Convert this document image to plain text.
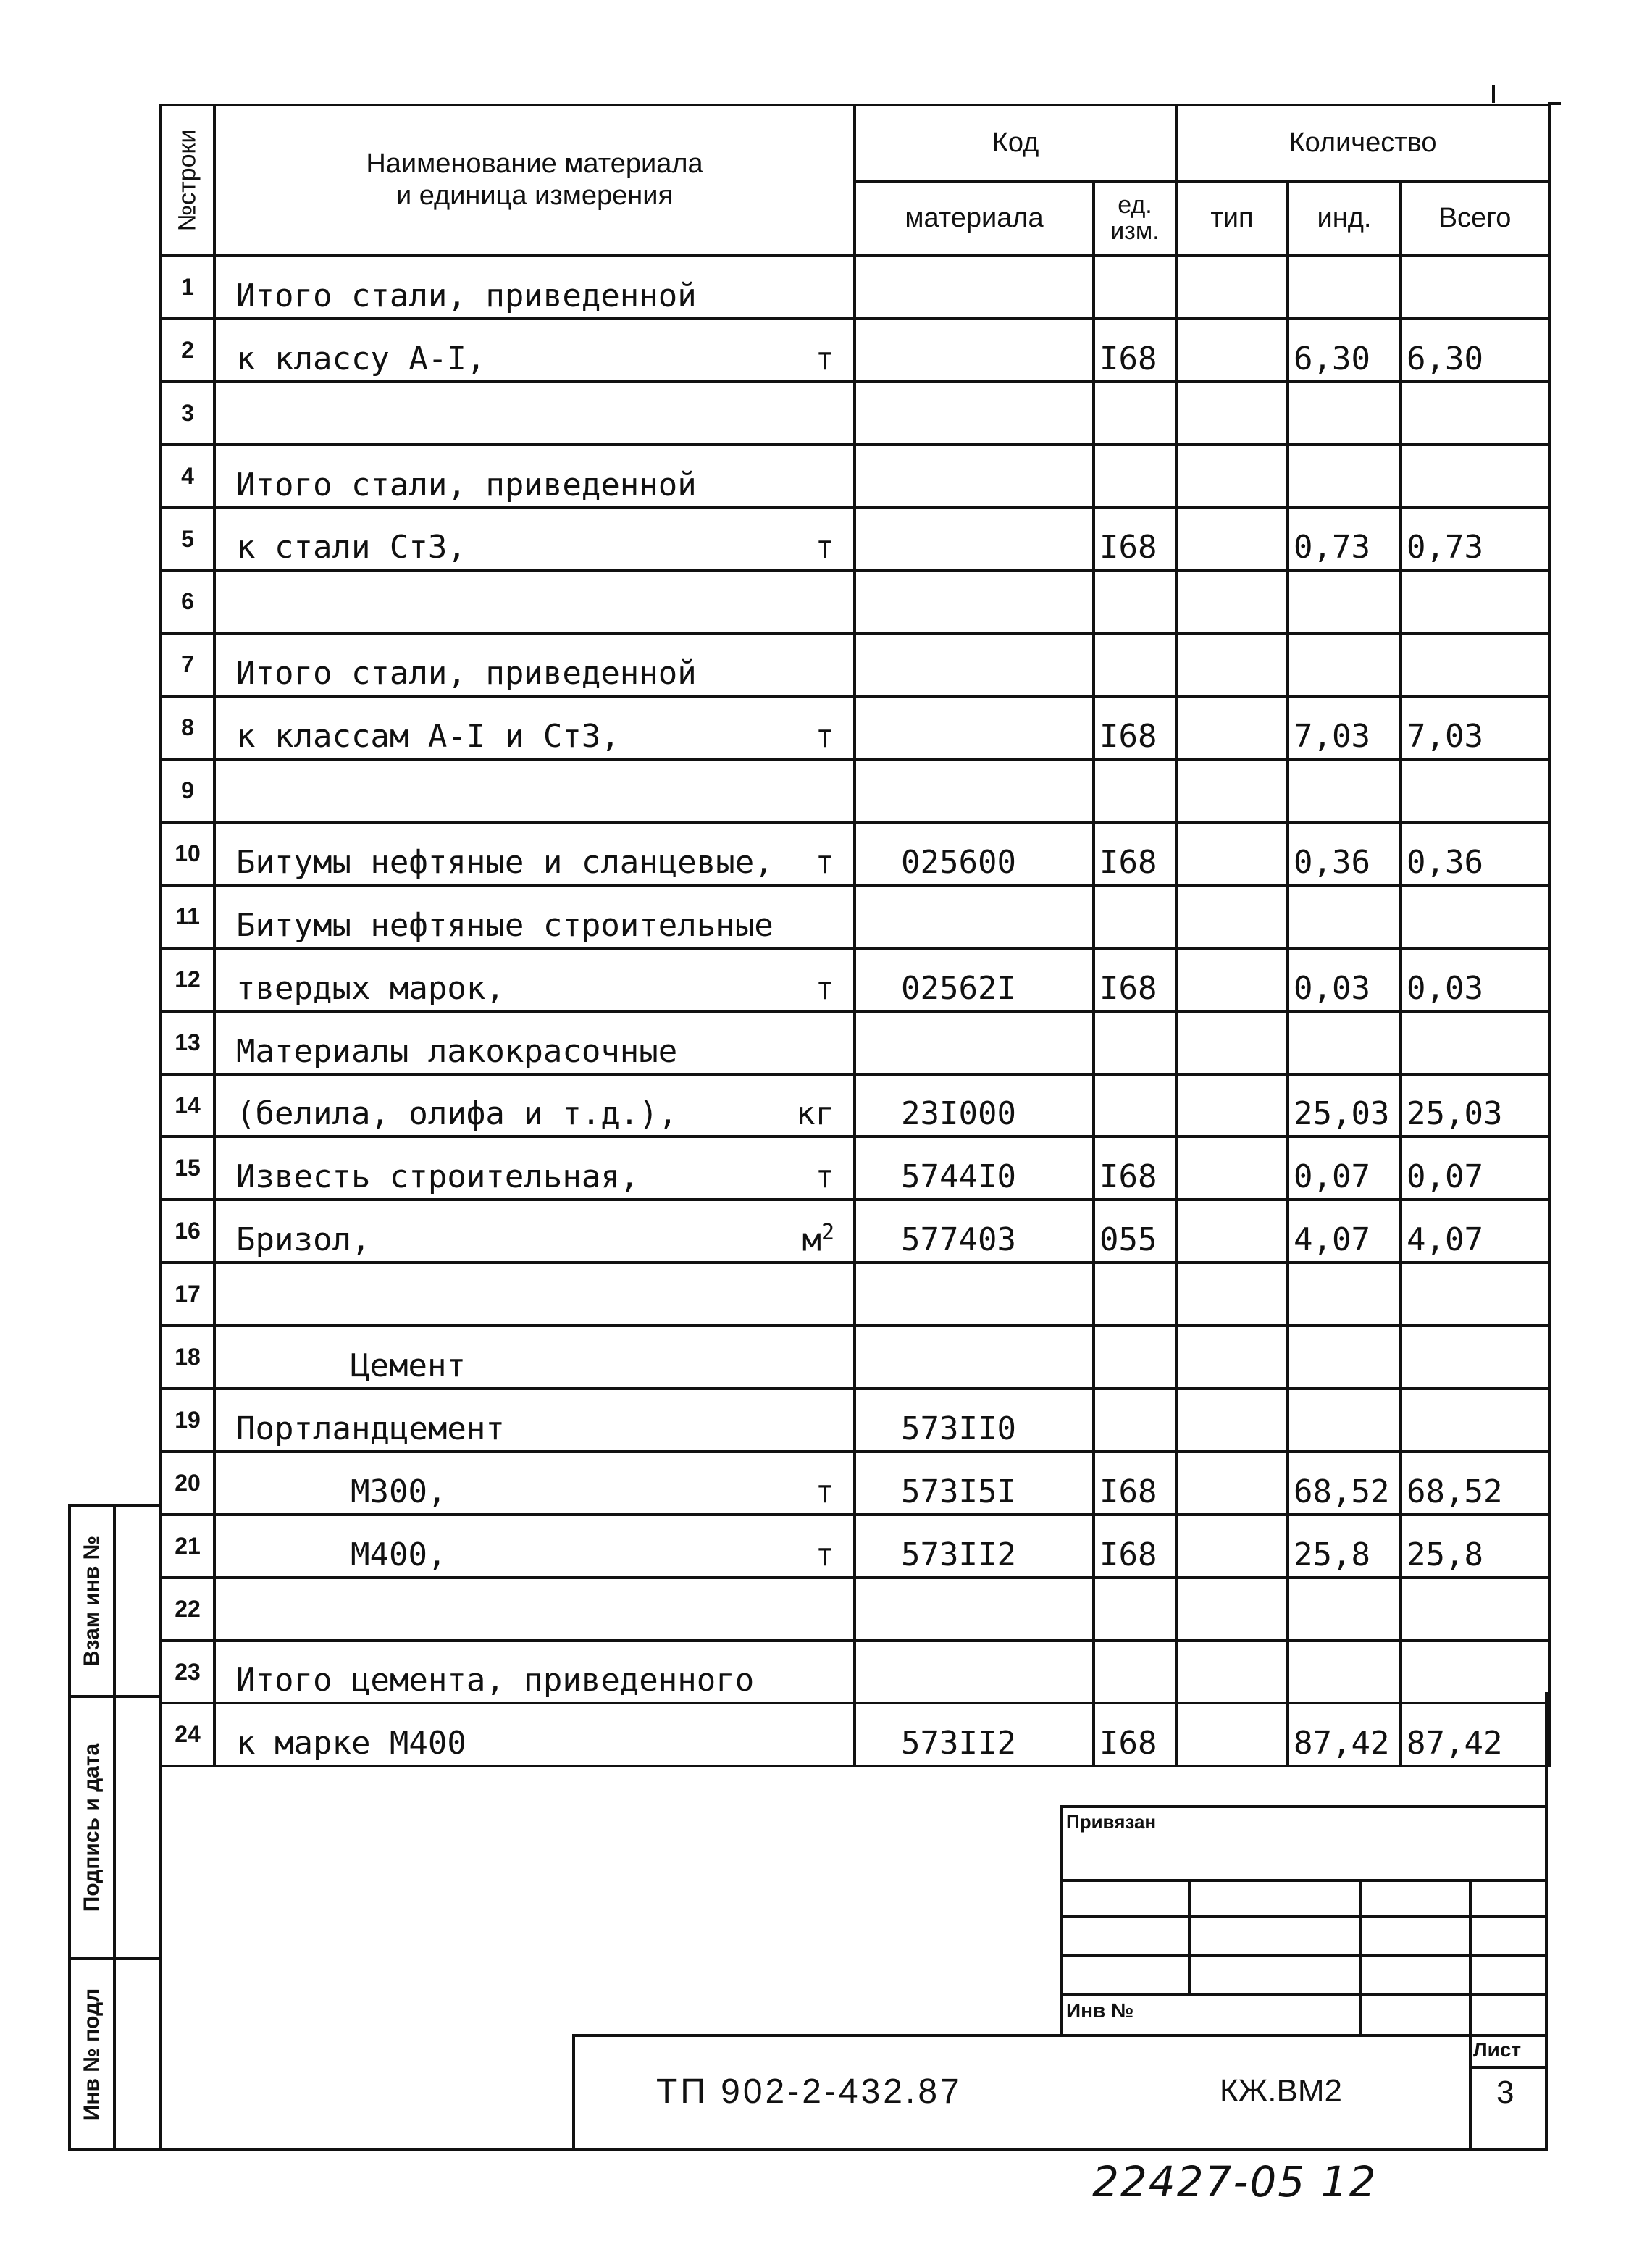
№строки	Наименование материала
и единица измерения	Код		Количество		
		материала	ед. изм.	тип	инд.	Всего
1	Итого стали, приведенной					
2	к классу А-I, т		I68		6,30	6,30
3						
4	Итого стали, приведенной					
5	к стали Ст3, т		I68		0,73	0,73
6						
7	Итого стали, приведенной					
8	к классам А-I и Ст3, т		I68		7,03	7,03
9						
10	Битумы нефтяные и сланцевые, т	025600	I68		0,36	0,36
11	Битумы нефтяные строительные					
12	твердых марок, т	02562I	I68		0,03	0,03
13	Материалы лакокрасочные					
14	(белила, олифа и т.д.), кг	23I000			25,03	25,03
15	Известь строительная, т	5744I0	I68		0,07	0,07
16	Бризол, $м^2$	577403	055		4,07	4,07
17						
18	Цемент					
19	Портландцемент	573II0				
20	М300, т	573I5I	I68		68,52	68,52
21	М400, т	573II2	I68		25,8	25,8
22						
23	Итого цемента, приведенного					
24	к марке М400	573II2	I68		87,42	87,42
Взам инв №
Подпись и дата
Инв № подл
Привязан
Инв №
Лист
3
ТП 902-2-432.87	КЖ.ВМ2
22427-05 12
